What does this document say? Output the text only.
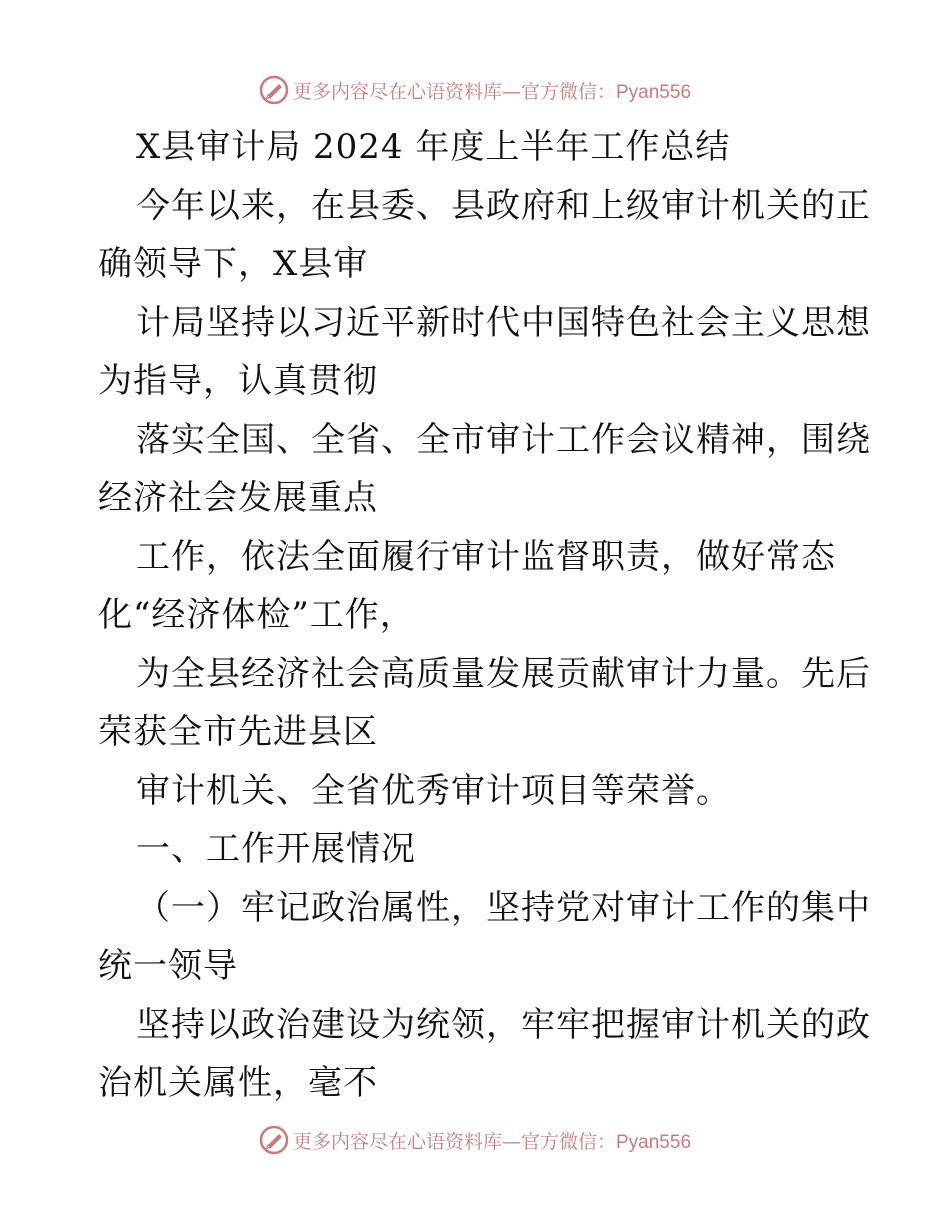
更多内容尽在心语资料库—官方微信：Pyan556
X县审计局 2024 年度上半年工作总结
今年以来，在县委、县政府和上级审计机关的正
确领导下，X县审
计局坚持以习近平新时代中国特色社会主义思想
为指导，认真贯彻
落实全国、全省、全市审计工作会议精神，围绕
经济社会发展重点
工作，依法全面履行审计监督职责，做好常态
化“经济体检”工作，
为全县经济社会高质量发展贡献审计力量。先后
荣获全市先进县区
审计机关、全省优秀审计项目等荣誉。
一、工作开展情况
（一）牢记政治属性，坚持党对审计工作的集中
统一领导
坚持以政治建设为统领，牢牢把握审计机关的政
治机关属性，毫不
更多内容尽在心语资料库—官方微信：Pyan556
